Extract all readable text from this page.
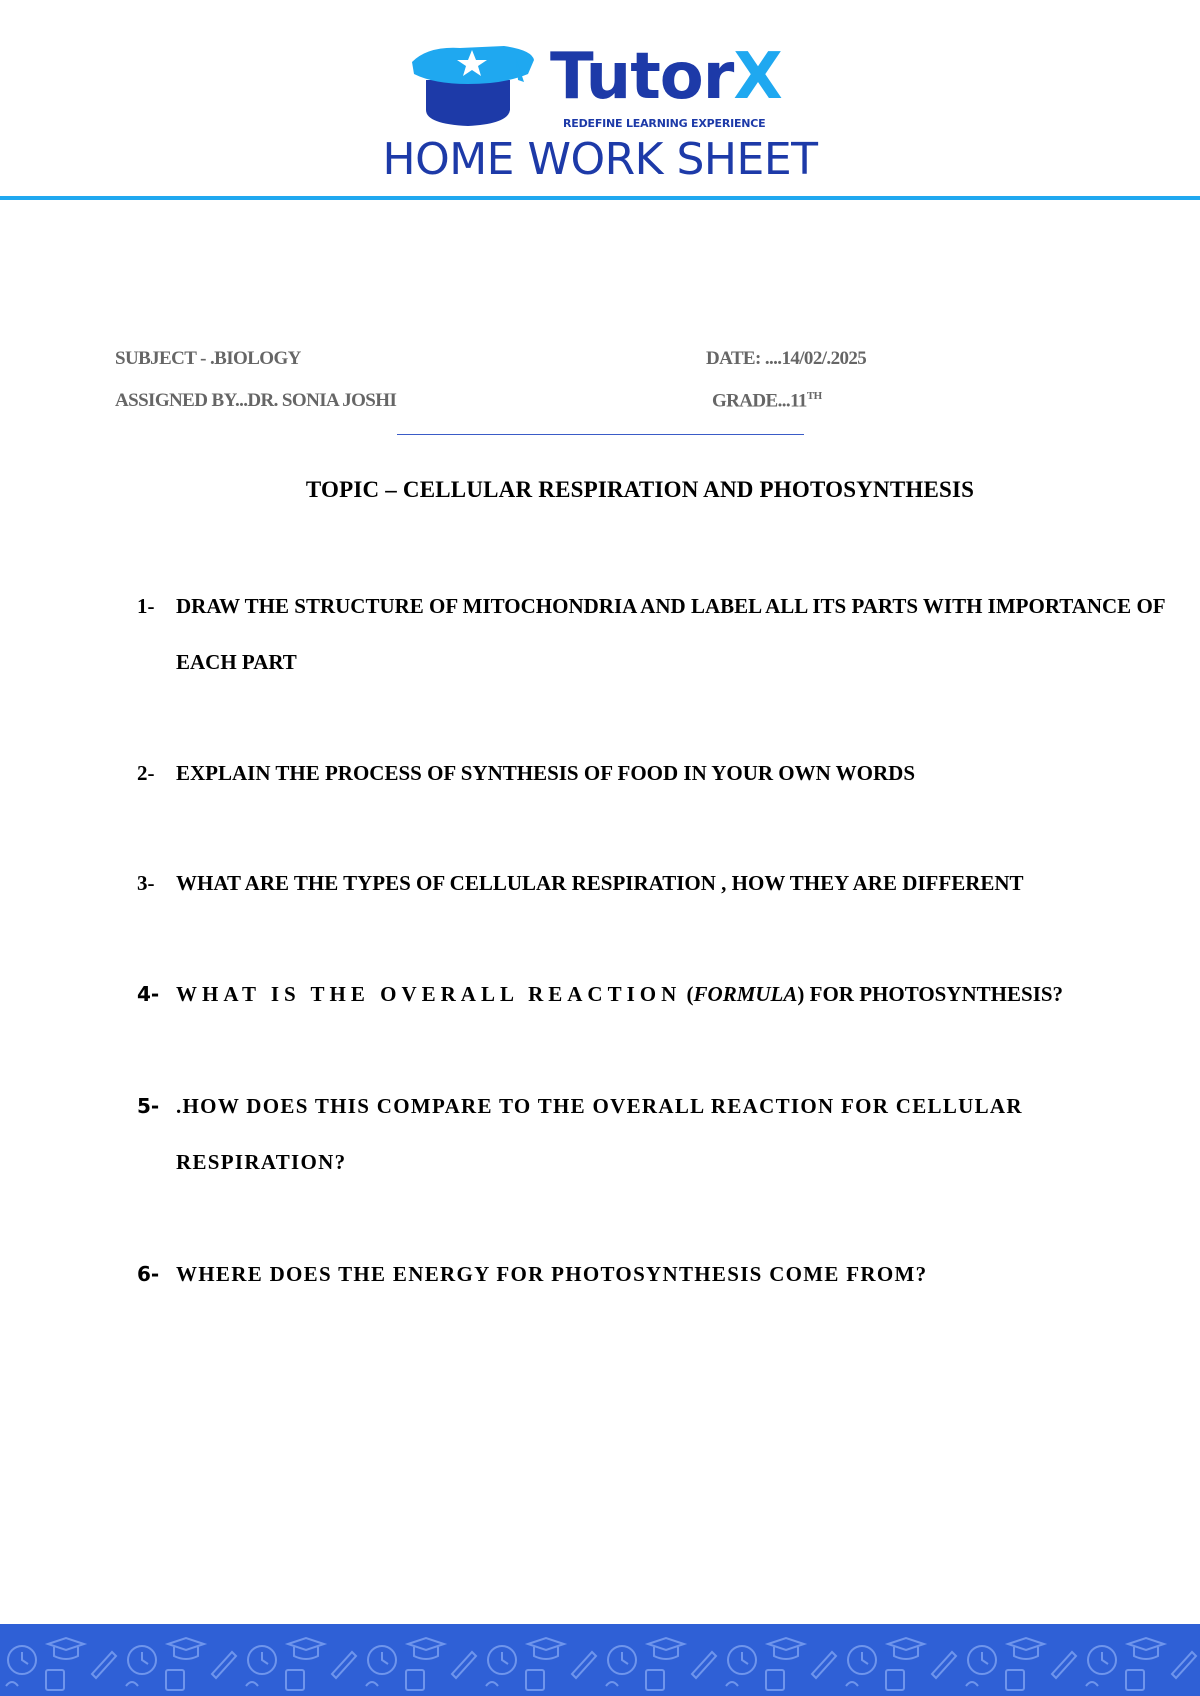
TutorX
REDEFINE LEARNING EXPERIENCE
HOME WORK SHEET
SUBJECT - .BIOLOGY	DATE: ....14/02/.2025
ASSIGNED BY...DR. SONIA JOSHI	GRADE...11TH
TOPIC – CELLULAR RESPIRATION AND PHOTOSYNTHESIS
1-	DRAW THE STRUCTURE OF MITOCHONDRIA AND LABEL ALL ITS PARTS WITH IMPORTANCE OF EACH PART
2-	EXPLAIN THE PROCESS OF SYNTHESIS OF FOOD IN YOUR OWN WORDS
3-	WHAT ARE THE TYPES OF CELLULAR RESPIRATION , HOW THEY ARE DIFFERENT
4- WHAT IS THE OVERALL REACTION (FORMULA) FOR PHOTOSYNTHESIS?
5- .HOW DOES THIS COMPARE TO THE OVERALL REACTION FOR CELLULAR RESPIRATION?
6- WHERE DOES THE ENERGY FOR PHOTOSYNTHESIS COME FROM?
